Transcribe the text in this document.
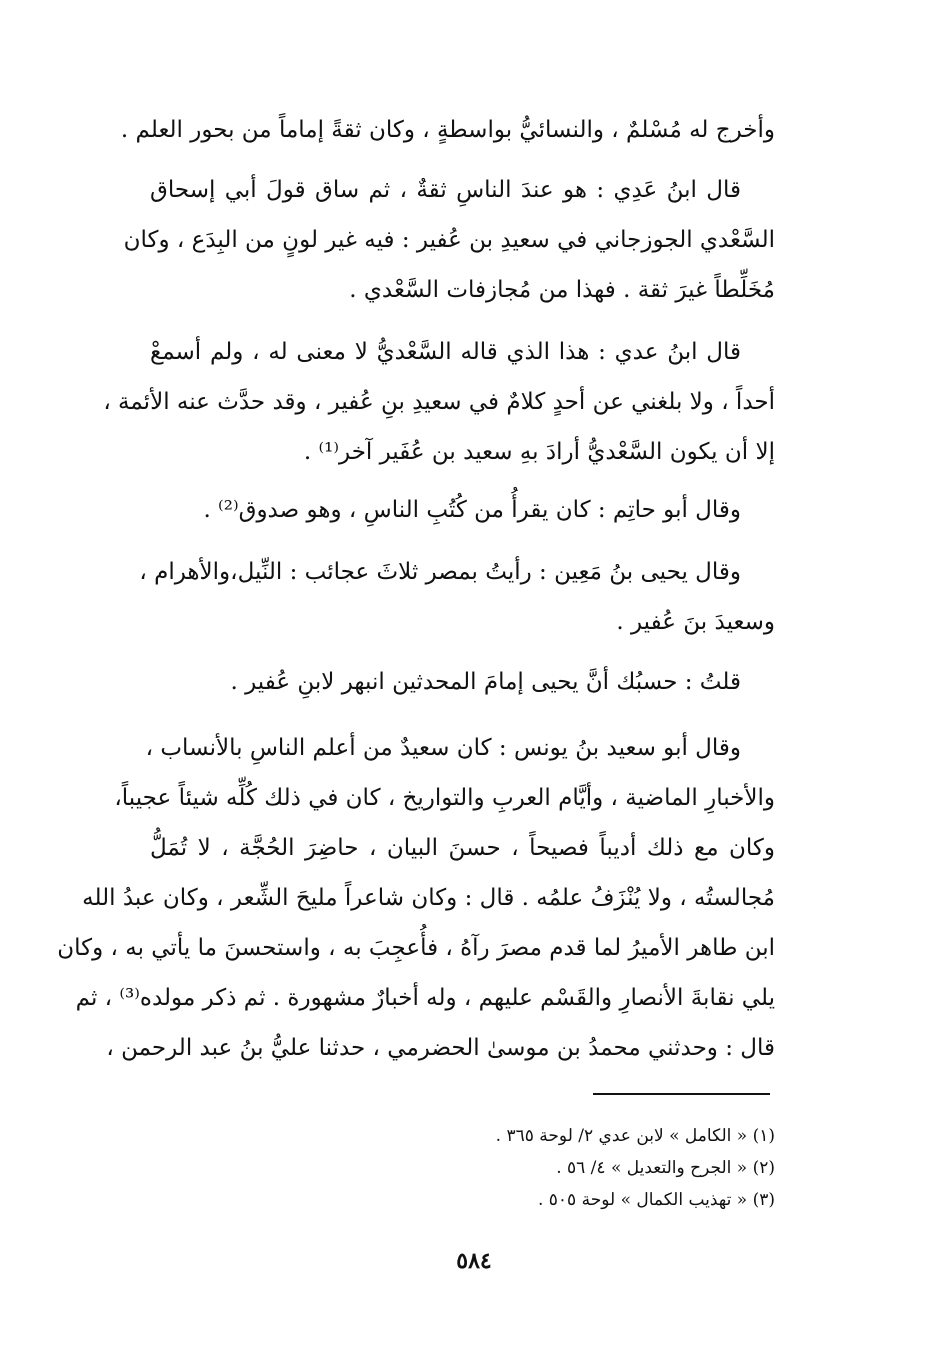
وأخرج له مُسْلمٌ ، والنسائيُّ بواسطةٍ ، وكان ثقةً إماماً من بحور العلم .
قال ابنُ عَدِي : هو عندَ الناسِ ثقةٌ ، ثم ساق قولَ أبي إسحاق
السَّعْدي الجوزجاني في سعيدِ بن عُفير : فيه غير لونٍ من البِدَع ، وكان
مُخَلِّطاً غيرَ ثقة . فهذا من مُجازفات السَّعْدي .
قال ابنُ عدي : هذا الذي قاله السَّعْديُّ لا معنى له ، ولم أسمعْ
أحداً ، ولا بلغني عن أحدٍ كلامٌ في سعيدِ بنِ عُفير ، وقد حدَّث عنه الأئمة ،
إلا أن يكون السَّعْديُّ أرادَ بهِ سعيد بن عُفَير آخر⁽¹⁾ .
وقال أبو حاتِم : كان يقرأُ من كُتُبِ الناسِ ، وهو صدوق⁽²⁾ .
وقال يحيى بنُ مَعِين : رأيتُ بمصر ثلاثَ عجائب : النِّيل،والأهرام ،
وسعيدَ بنَ عُفير .
قلتُ : حسبُك أنَّ يحيى إمامَ المحدثين انبهر لابنِ عُفير .
وقال أبو سعيد بنُ يونس : كان سعيدٌ من أعلم الناسِ بالأنساب ،
والأخبارِ الماضية ، وأيَّام العربِ والتواريخ ، كان في ذلك كُلِّه شيئاً عجيباً،
وكان مع ذلك أديباً فصيحاً ، حسنَ البيان ، حاضِرَ الحُجَّة ، لا تُمَلُّ
مُجالستُه ، ولا يُنْزَفُ علمُه . قال : وكان شاعراً مليحَ الشِّعر ، وكان عبدُ الله
ابن طاهر الأميرُ لما قدم مصرَ رآهُ ، فأُعجِبَ به ، واستحسنَ ما يأتي به ، وكان
يلي نقابةَ الأنصارِ والقَسْم عليهم ، وله أخبارٌ مشهورة . ثم ذكر مولده⁽³⁾ ، ثم
قال : وحدثني محمدُ بن موسىٰ الحضرمي ، حدثنا عليُّ بنُ عبد الرحمن ،
(١) « الكامل » لابن عدي ٢/ لوحة ٣٦٥ .
(٢) « الجرح والتعديل » ٤/ ٥٦ .
(٣) « تهذيب الكمال » لوحة ٥٠٥ .
٥٨٤
